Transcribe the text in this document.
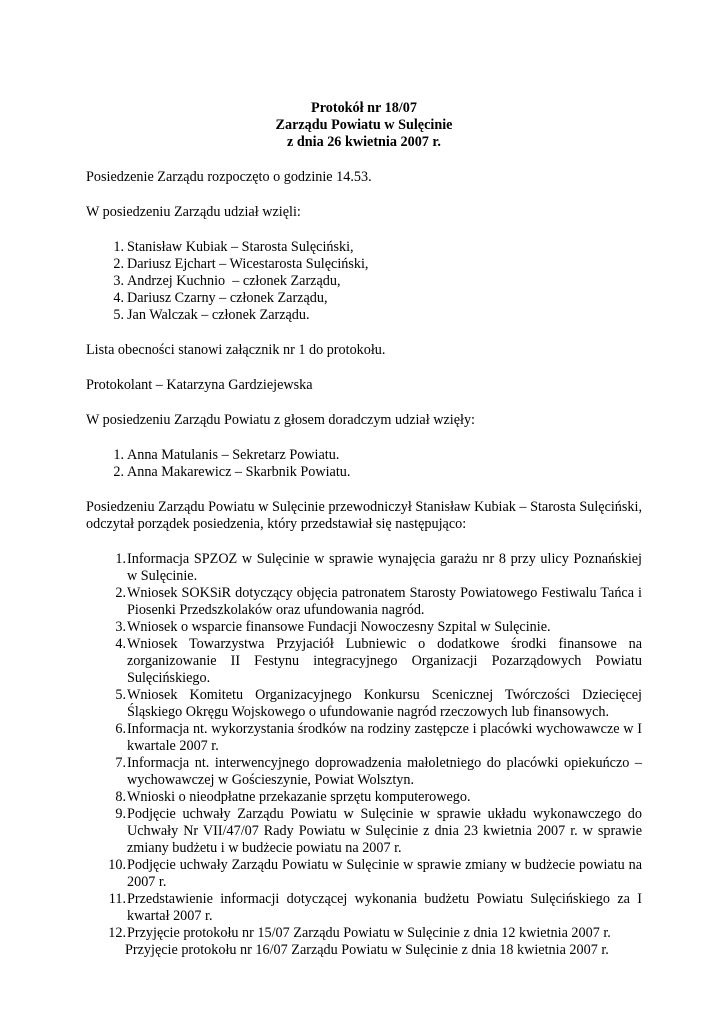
Protokół nr 18/07
Zarządu Powiatu w Sulęcinie
z dnia 26 kwietnia 2007 r.

Posiedzenie Zarządu rozpoczęto o godzinie 14.53.

W posiedzeniu Zarządu udział wzięli:

1. Stanisław Kubiak – Starosta Sulęciński,
2. Dariusz Ejchart – Wicestarosta Sulęciński,
3. Andrzej Kuchnio  – członek Zarządu,
4. Dariusz Czarny – członek Zarządu,
5. Jan Walczak – członek Zarządu.

Lista obecności stanowi załącznik nr 1 do protokołu.

Protokolant – Katarzyna Gardziejewska

W posiedzeniu Zarządu Powiatu z głosem doradczym udział wzięły:

1. Anna Matulanis – Sekretarz Powiatu.
2. Anna Makarewicz – Skarbnik Powiatu.

Posiedzeniu Zarządu Powiatu w Sulęcinie przewodniczył Stanisław Kubiak – Starosta Sulęciński, odczytał porządek posiedzenia, który przedstawiał się następująco:

1. Informacja SPZOZ w Sulęcinie w sprawie wynajęcia garażu nr 8 przy ulicy Poznańskiej w Sulęcinie.
2. Wniosek SOKSiR dotyczący objęcia patronatem Starosty Powiatowego Festiwalu Tańca i Piosenki Przedszkolaków oraz ufundowania nagród.
3. Wniosek o wsparcie finansowe Fundacji Nowoczesny Szpital w Sulęcinie.
4. Wniosek Towarzystwa Przyjaciół Lubniewic o dodatkowe środki finansowe na zorganizowanie II Festynu integracyjnego Organizacji Pozarządowych Powiatu Sulęcińskiego.
5. Wniosek Komitetu Organizacyjnego Konkursu Scenicznej Twórczości Dziecięcej Śląskiego Okręgu Wojskowego o ufundowanie nagród rzeczowych lub finansowych.
6. Informacja nt. wykorzystania środków na rodziny zastępcze i placówki wychowawcze w I kwartale 2007 r.
7. Informacja nt. interwencyjnego doprowadzenia małoletniego do placówki opiekuńczo – wychowawczej w Gościeszynie, Powiat Wolsztyn.
8. Wnioski o nieodpłatne przekazanie sprzętu komputerowego.
9. Podjęcie uchwały Zarządu Powiatu w Sulęcinie w sprawie układu wykonawczego do Uchwały Nr VII/47/07 Rady Powiatu w Sulęcinie z dnia 23 kwietnia 2007 r. w sprawie zmiany budżetu i w budżecie powiatu na 2007 r.
10. Podjęcie uchwały Zarządu Powiatu w Sulęcinie w sprawie zmiany w budżecie powiatu na 2007 r.
11. Przedstawienie informacji dotyczącej wykonania budżetu Powiatu Sulęcińskiego za I kwartał 2007 r.
12. Przyjęcie protokołu nr 15/07 Zarządu Powiatu w Sulęcinie z dnia 12 kwietnia 2007 r.
Przyjęcie protokołu nr 16/07 Zarządu Powiatu w Sulęcinie z dnia 18 kwietnia 2007 r.
